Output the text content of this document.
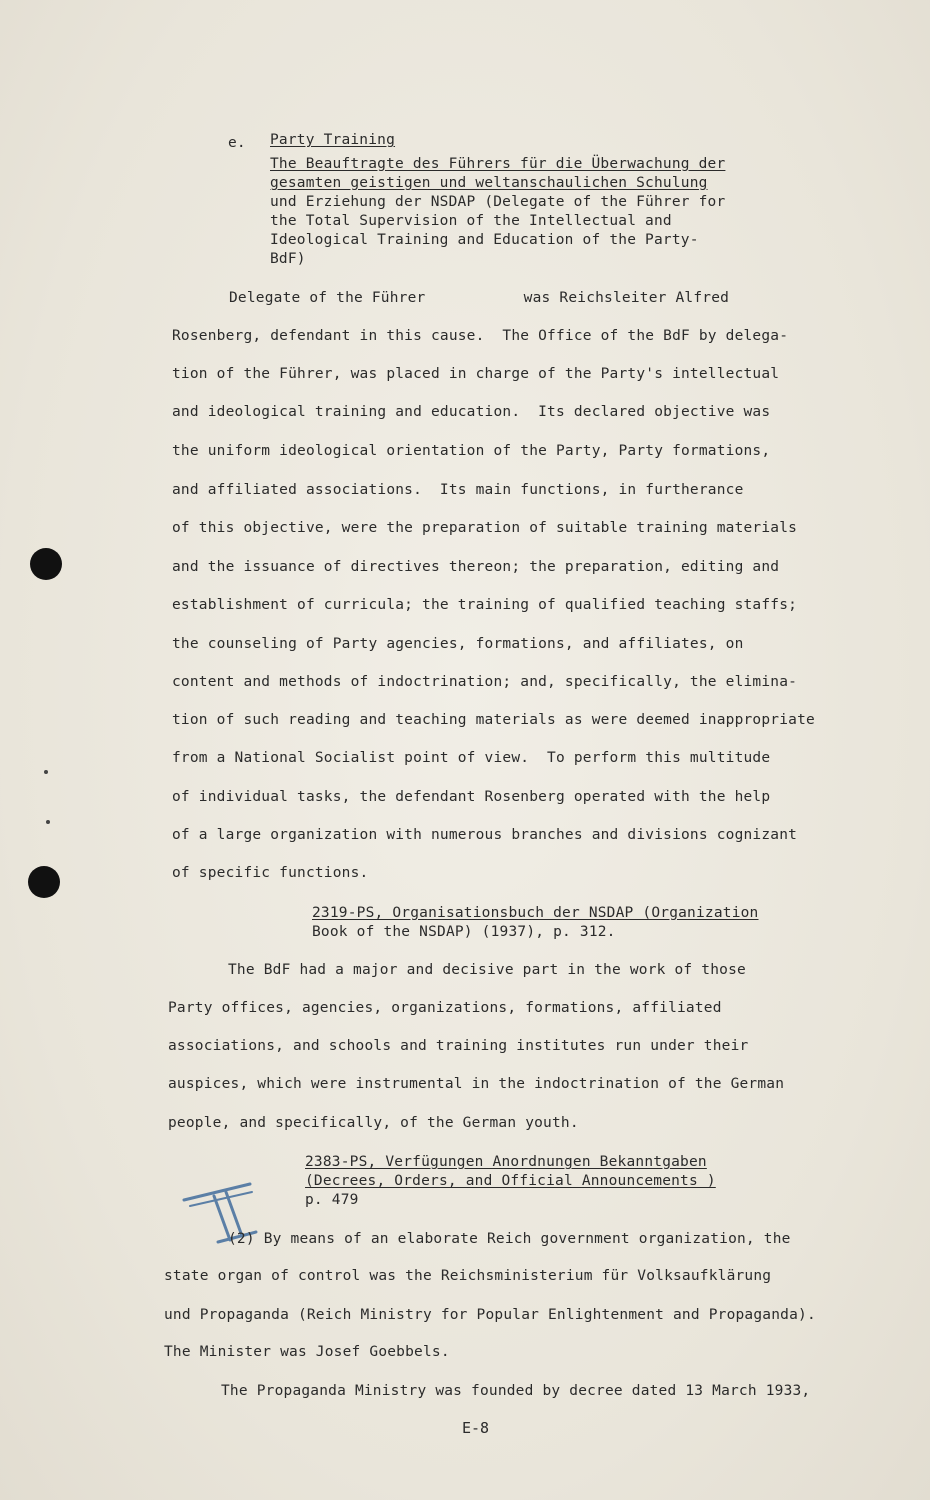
e. Party Training
The Beauftragte des Führers für die Überwachung der
gesamten geistigen und weltanschaulichen Schulung
und Erziehung der NSDAP (Delegate of the Führer for
the Total Supervision of the Intellectual and
Ideological Training and Education of the Party-
BdF)
Delegate of the Führer           was Reichsleiter Alfred
Rosenberg, defendant in this cause.  The Office of the BdF by delega-
tion of the Führer, was placed in charge of the Party's intellectual
and ideological training and education.  Its declared objective was
the uniform ideological orientation of the Party, Party formations,
and affiliated associations.  Its main functions, in furtherance
of this objective, were the preparation of suitable training materials
and the issuance of directives thereon; the preparation, editing and
establishment of curricula; the training of qualified teaching staffs;
the counseling of Party agencies, formations, and affiliates, on
content and methods of indoctrination; and, specifically, the elimina-
tion of such reading and teaching materials as were deemed inappropriate
from a National Socialist point of view.  To perform this multitude
of individual tasks, the defendant Rosenberg operated with the help
of a large organization with numerous branches and divisions cognizant
of specific functions.
2319-PS, Organisationsbuch der NSDAP (Organization
Book of the NSDAP) (1937), p. 312.
The BdF had a major and decisive part in the work of those
Party offices, agencies, organizations, formations, affiliated
associations, and schools and training institutes run under their
auspices, which were instrumental in the indoctrination of the German
people, and specifically, of the German youth.
2383-PS, Verfügungen Anordnungen Bekanntgaben
(Decrees, Orders, and Official Announcements )
p. 479
(2) By means of an elaborate Reich government organization, the
state organ of control was the Reichsministerium für Volksaufklärung
und Propaganda (Reich Ministry for Popular Enlightenment and Propaganda).
The Minister was Josef Goebbels.
The Propaganda Ministry was founded by decree dated 13 March 1933,
E-8
